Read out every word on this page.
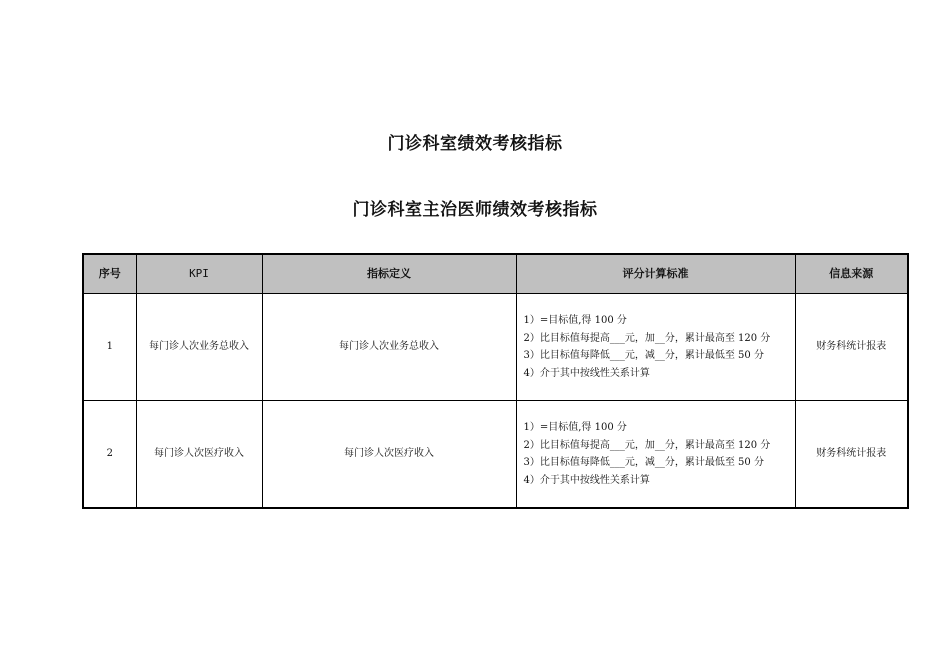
门诊科室绩效考核指标
门诊科室主治医师绩效考核指标
序号	KPI	指标定义	评分计算标准	信息来源
1	每门诊人次业务总收入	每门诊人次业务总收入	1）=目标值,得 100 分
2）比目标值每提高___元，加__分，累计最高至 120 分
3）比目标值每降低___元，减__分，累计最低至 50 分
4）介于其中按线性关系计算	财务科统计报表
2	每门诊人次医疗收入	每门诊人次医疗收入	1）=目标值,得 100 分
2）比目标值每提高___元，加__分，累计最高至 120 分
3）比目标值每降低___元，减__分，累计最低至 50 分
4）介于其中按线性关系计算	财务科统计报表
